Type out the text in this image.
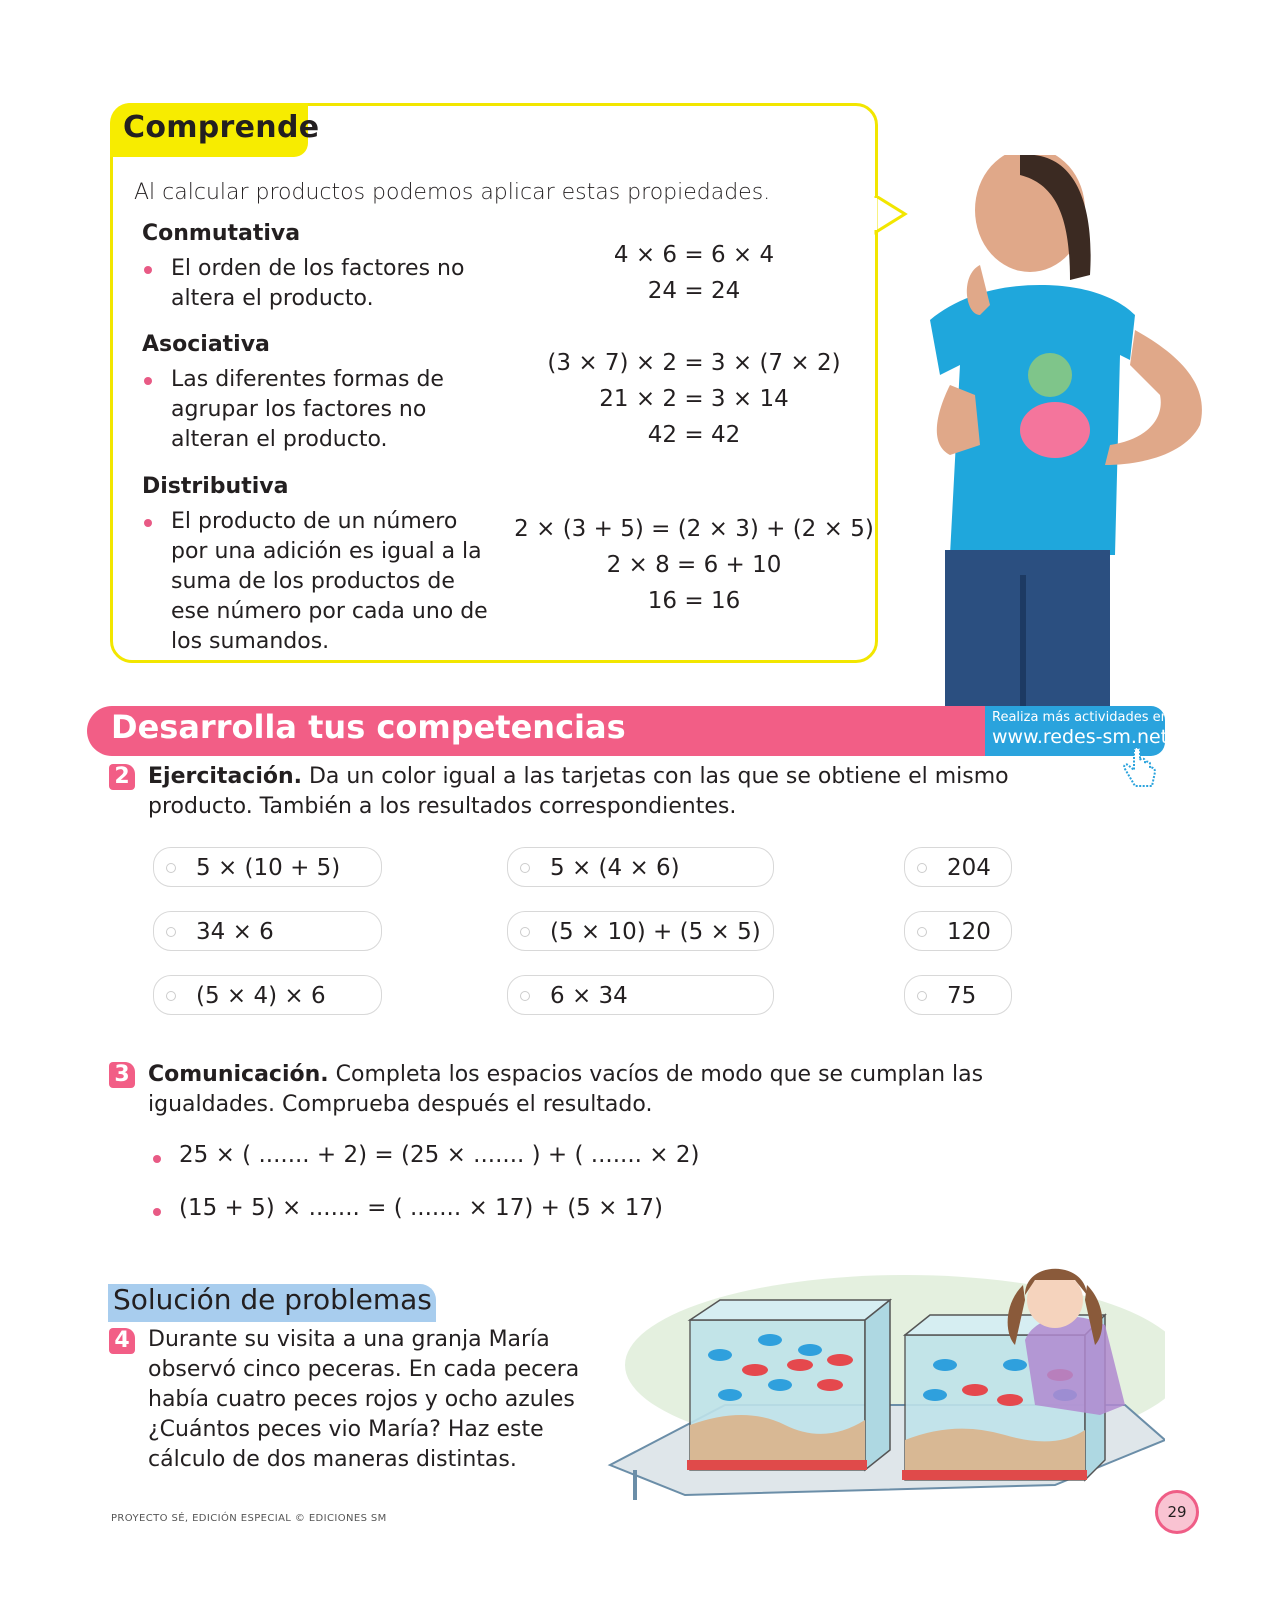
Comprende
Al calcular productos podemos aplicar estas propiedades.
Conmutativa
El orden de los factores no
altera el producto.
4 × 6 = 6 × 4
24 = 24
Asociativa
Las diferentes formas de
agrupar los factores no
alteran el producto.
(3 × 7) × 2 = 3 × (7 × 2)
21 × 2 = 3 × 14
42 = 42
Distributiva
El producto de un número
por una adición es igual a la
suma de los productos de
ese número por cada uno de
los sumandos.
2 × (3 + 5) = (2 × 3) + (2 × 5)
2 × 8 = 6 + 10
16 = 16
Desarrolla tus competencias	Realiza más actividades en
www.redes-sm.net
2 Ejercitación. Da un color igual a las tarjetas con las que se obtiene el mismo
producto. También a los resultados correspondientes.
5 × (10 + 5)
34 × 6
(5 × 4) × 6
5 × (4 × 6)
(5 × 10) + (5 × 5)
6 × 34
204
120
75
3 Comunicación. Completa los espacios vacíos de modo que se cumplan las
igualdades. Comprueba después el resultado.
25 × ( ....... + 2) = (25 × ....... ) + ( ....... × 2)
(15 + 5) × ....... = ( ....... × 17) + (5 × 17)
Solución de problemas
4 Durante su visita a una granja María
observó cinco peceras. En cada pecera
había cuatro peces rojos y ocho azules
¿Cuántos peces vio María? Haz este
cálculo de dos maneras distintas.
PROYECTO SÉ, EDICIÓN ESPECIAL © EDICIONES SM	29
